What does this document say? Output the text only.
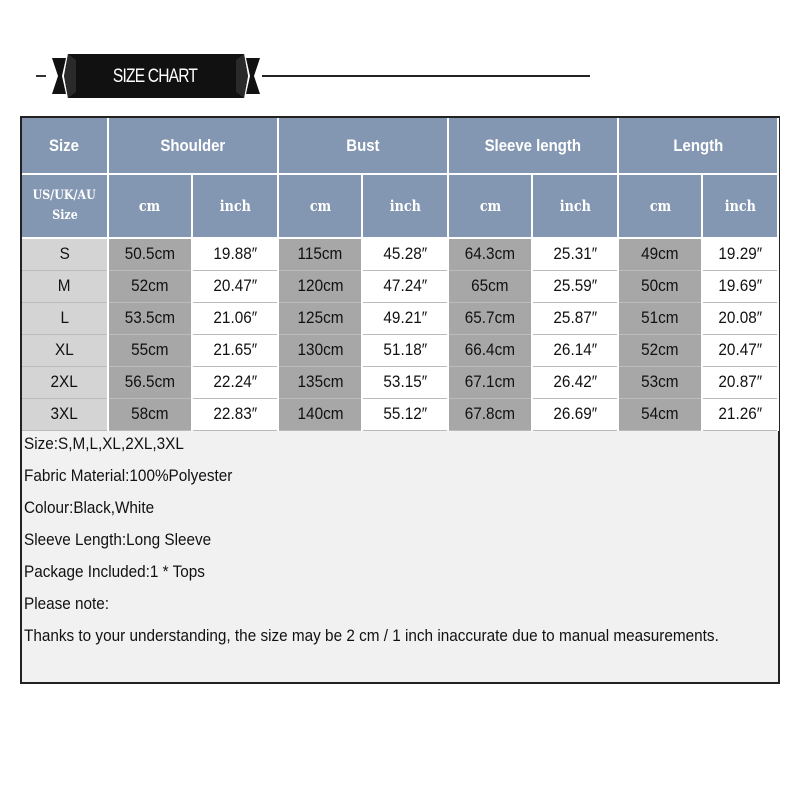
SIZE CHART
Size	Shoulder		Bust		Sleeve length		Length	
US/UK/AU
Size	cm	inch	cm	inch	cm	inch	cm	inch
S	50.5cm	19.88″	115cm	45.28″	64.3cm	25.31″	49cm	19.29″
M	52cm	20.47″	120cm	47.24″	65cm	25.59″	50cm	19.69″
L	53.5cm	21.06″	125cm	49.21″	65.7cm	25.87″	51cm	20.08″
XL	55cm	21.65″	130cm	51.18″	66.4cm	26.14″	52cm	20.47″
2XL	56.5cm	22.24″	135cm	53.15″	67.1cm	26.42″	53cm	20.87″
3XL	58cm	22.83″	140cm	55.12″	67.8cm	26.69″	54cm	21.26″
Size:S,M,L,XL,2XL,3XL
Fabric Material:100%Polyester
Colour:Black,White
Sleeve Length:Long Sleeve
Package Included:1 * Tops
Please note:
Thanks to your understanding, the size may be 2 cm / 1 inch inaccurate due to manual measurements.
